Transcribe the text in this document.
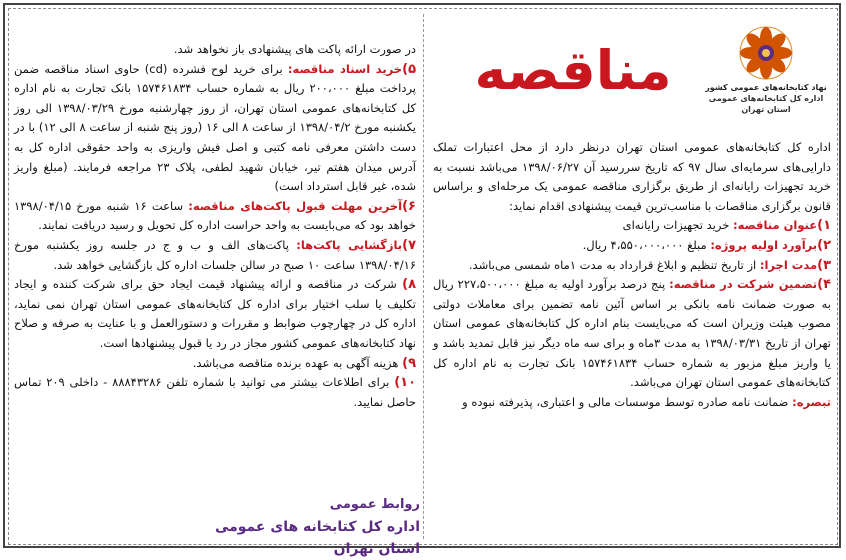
نهاد کتابخانه‌های عمومی کشور
اداره کل کتابخانه‌های عمومی استان تهران
مناقصه

اداره کل کتابخانه‌های عمومی استان تهران درنظر دارد از محل اعتبارات تملک دارایی‌های سرمایه‌ای سال ۹۷ که تاریخ سررسید آن ۱۳۹۸/۰۶/۲۷ می‌باشد نسبت به خرید تجهیزات رایانه‌ای از طریق برگزاری مناقصه عمومی یک مرحله‌ای و براساس قانون برگزاری مناقصات با مناسب‌ترین قیمت پیشنهادی اقدام نماید:

۱)عنوان مناقصه: خرید تجهیزات رایانه‌ای

۲)برآورد اولیه پروژه: مبلغ ۴،۵۵۰،۰۰۰،۰۰۰ ریال.

۳)مدت اجرا: از تاریخ تنظیم و ابلاغ قرارداد به مدت ۱ماه شمسی می‌باشد.

۴)تضمین شرکت در مناقصه: پنج درصد برآورد اولیه به مبلغ ۲۲۷،۵۰۰،۰۰۰ ریال به صورت ضمانت نامه بانکی بر اساس آئین نامه تضمین برای معاملات دولتی مصوب هیئت وزیران است که می‌بایست بنام اداره کل کتابخانه‌های عمومی استان تهران از تاریخ ۱۳۹۸/۰۳/۳۱ به مدت ۳ماه و برای سه ماه دیگر نیز قابل تمدید باشد و یا واریز مبلغ مزبور به شماره حساب ۱۵۷۴۶۱۸۳۴ بانک تجارت به نام اداره کل کتابخانه‌های عمومی استان تهران می‌باشد.

تبصره: ضمانت نامه صادره توسط موسسات مالی و اعتباری، پذیرفته نبوده و

در صورت ارائه پاکت های پیشنهادی باز نخواهد شد.

۵)خرید اسناد مناقصه: برای خرید لوح فشرده (cd) حاوی اسناد مناقصه ضمن پرداخت مبلغ ۲۰۰،۰۰۰ ریال به شماره حساب ۱۵۷۴۶۱۸۳۴ بانک تجارت به نام اداره کل کتابخانه‌های عمومی استان تهران، از روز چهارشنبه مورخ ۱۳۹۸/۰۳/۲۹ الی روز یکشنبه مورخ ۱۳۹۸/۰۴/۲ از ساعت ۸ الی ۱۶ (روز پنج شنبه از ساعت ۸ الی ۱۲) با در دست داشتن معرفی نامه کتبی و اصل فیش واریزی به واحد حقوقی اداره کل به آدرس میدان هفتم تیر، خیابان شهید لطفی، پلاک ۲۳ مراجعه فرمایند. (مبلغ واریز شده، غیر قابل استرداد است)

۶)آخرین مهلت قبول پاکت‌های مناقصه: ساعت ۱۶ شنبه مورخ ۱۳۹۸/۰۴/۱۵ خواهد بود که می‌بایست به واحد حراست اداره کل تحویل و رسید دریافت نمایند.

۷)بازگشایی پاکت‌ها: پاکت‌های الف و ب و ج در جلسه روز یکشنبه مورخ ۱۳۹۸/۰۴/۱۶ ساعت ۱۰ صبح در سالن جلسات اداره کل بازگشایی خواهد شد.

۸) شرکت در مناقصه و ارائه پیشنهاد قیمت ایجاد حق برای شرکت کننده و ایجاد تکلیف یا سلب اختیار برای اداره کل کتابخانه‌های عمومی استان تهران نمی نماید، اداره کل در چهارچوب ضوابط و مقررات و دستورالعمل و با عنایت به صرفه و صلاح نهاد کتابخانه‌های عمومی کشور مجاز در رد یا قبول پیشنهادها است.

۹) هزینه آگهی به عهده برنده مناقصه می‌باشد.

۱۰) برای اطلاعات بیشتر می توانید با شماره تلفن ۸۸۸۴۳۲۸۶ - داخلی ۲۰۹ تماس حاصل نمایید.

روابط عمومی
اداره کل کتابخانه های عمومی استان تهران
